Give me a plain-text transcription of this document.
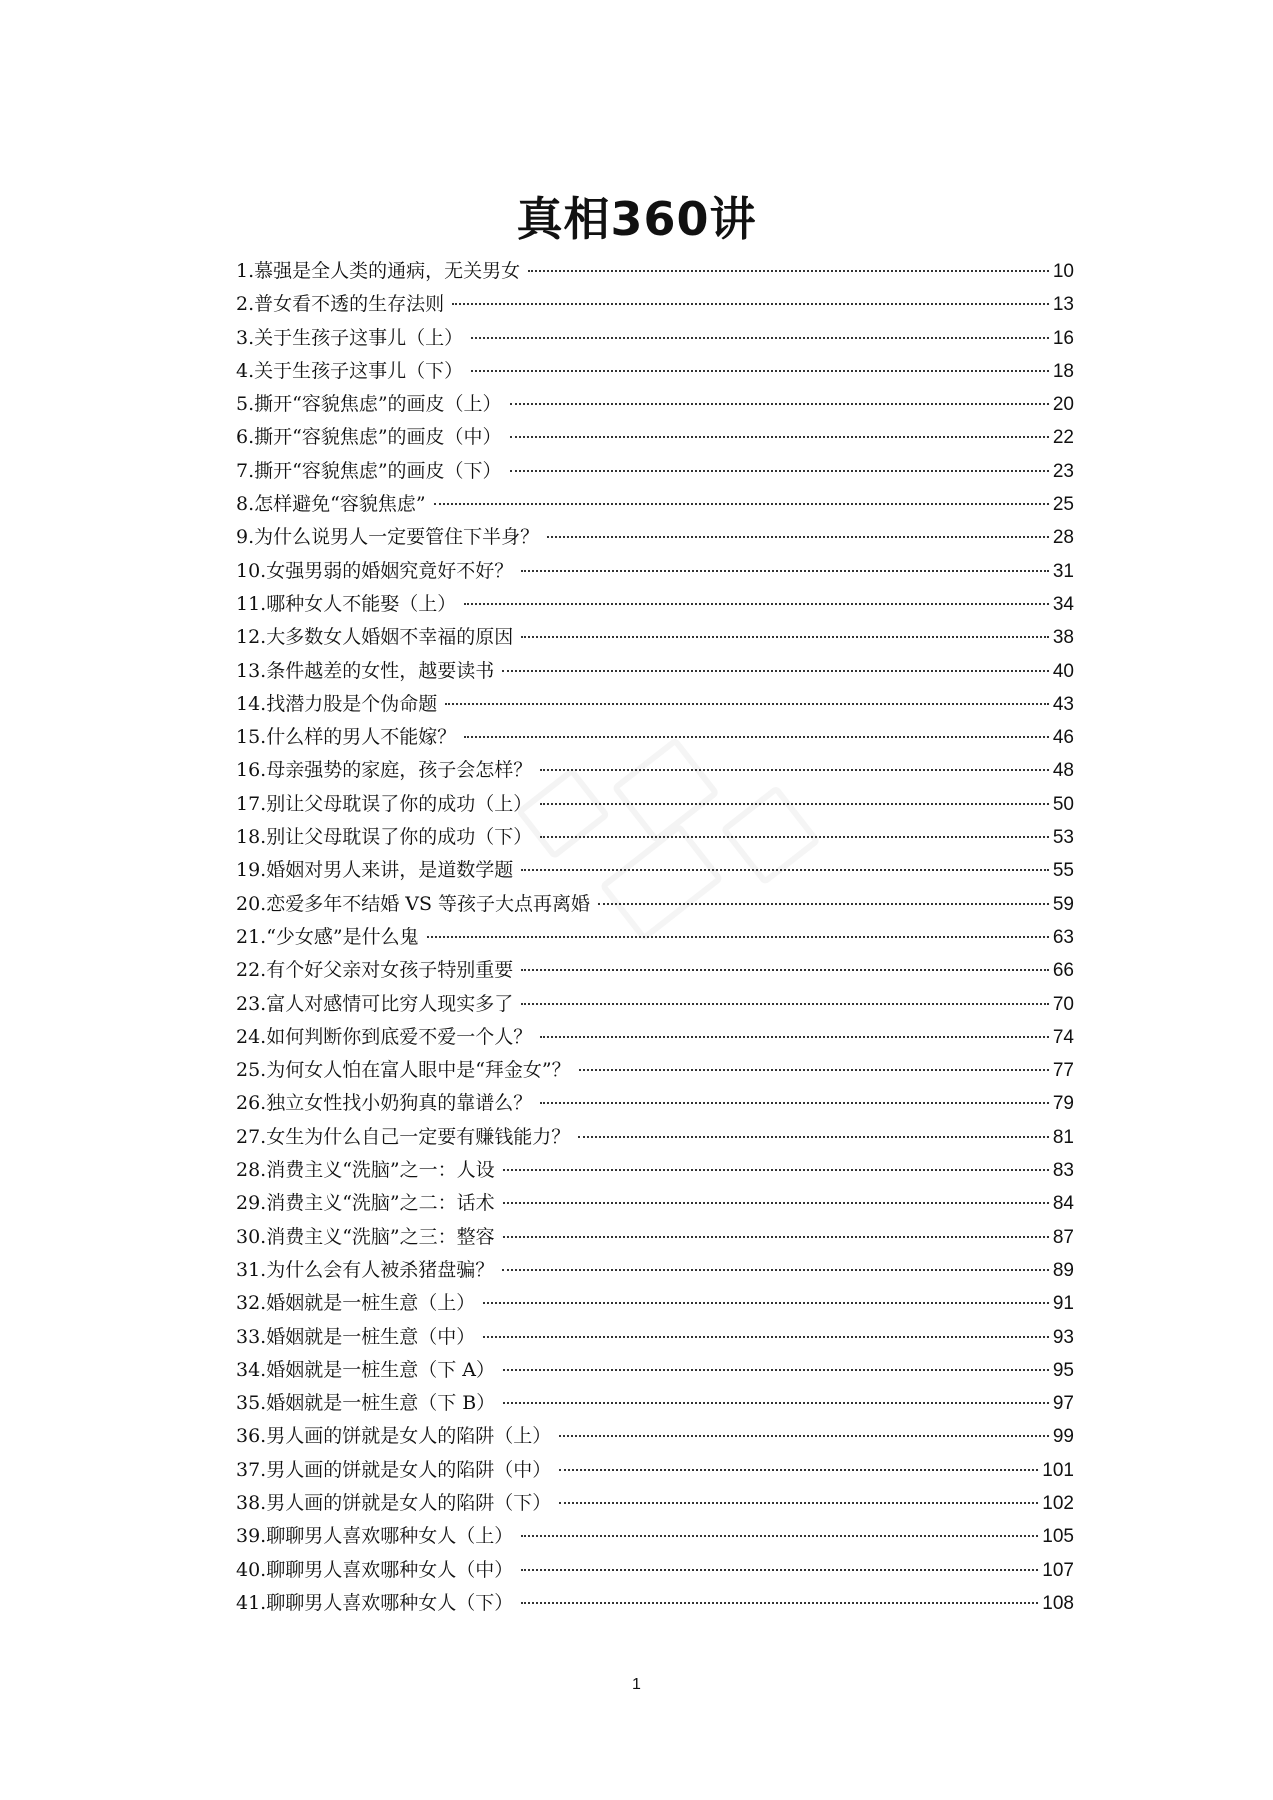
真相360讲
1.慕强是全人类的通病，无关男女	10
2.普女看不透的生存法则	13
3.关于生孩子这事儿（上）	16
4.关于生孩子这事儿（下）	18
5.撕开“容貌焦虑”的画皮（上）	20
6.撕开“容貌焦虑”的画皮（中）	22
7.撕开“容貌焦虑”的画皮（下）	23
8.怎样避免“容貌焦虑”	25
9.为什么说男人一定要管住下半身？	28
10.女强男弱的婚姻究竟好不好？	31
11.哪种女人不能娶（上）	34
12.大多数女人婚姻不幸福的原因	38
13.条件越差的女性，越要读书	40
14.找潜力股是个伪命题	43
15.什么样的男人不能嫁？	46
16.母亲强势的家庭，孩子会怎样？	48
17.别让父母耽误了你的成功（上）	50
18.别让父母耽误了你的成功（下）	53
19.婚姻对男人来讲，是道数学题	55
20.恋爱多年不结婚 VS 等孩子大点再离婚	59
21.“少女感”是什么鬼	63
22.有个好父亲对女孩子特别重要	66
23.富人对感情可比穷人现实多了	70
24.如何判断你到底爱不爱一个人？	74
25.为何女人怕在富人眼中是“拜金女”？	77
26.独立女性找小奶狗真的靠谱么？	79
27.女生为什么自己一定要有赚钱能力？	81
28.消费主义“洗脑”之一：人设	83
29.消费主义“洗脑”之二：话术	84
30.消费主义“洗脑”之三：整容	87
31.为什么会有人被杀猪盘骗？	89
32.婚姻就是一桩生意（上）	91
33.婚姻就是一桩生意（中）	93
34.婚姻就是一桩生意（下 A）	95
35.婚姻就是一桩生意（下 B）	97
36.男人画的饼就是女人的陷阱（上）	99
37.男人画的饼就是女人的陷阱（中）	101
38.男人画的饼就是女人的陷阱（下）	102
39.聊聊男人喜欢哪种女人（上）	105
40.聊聊男人喜欢哪种女人（中）	107
41.聊聊男人喜欢哪种女人（下）	108
1
